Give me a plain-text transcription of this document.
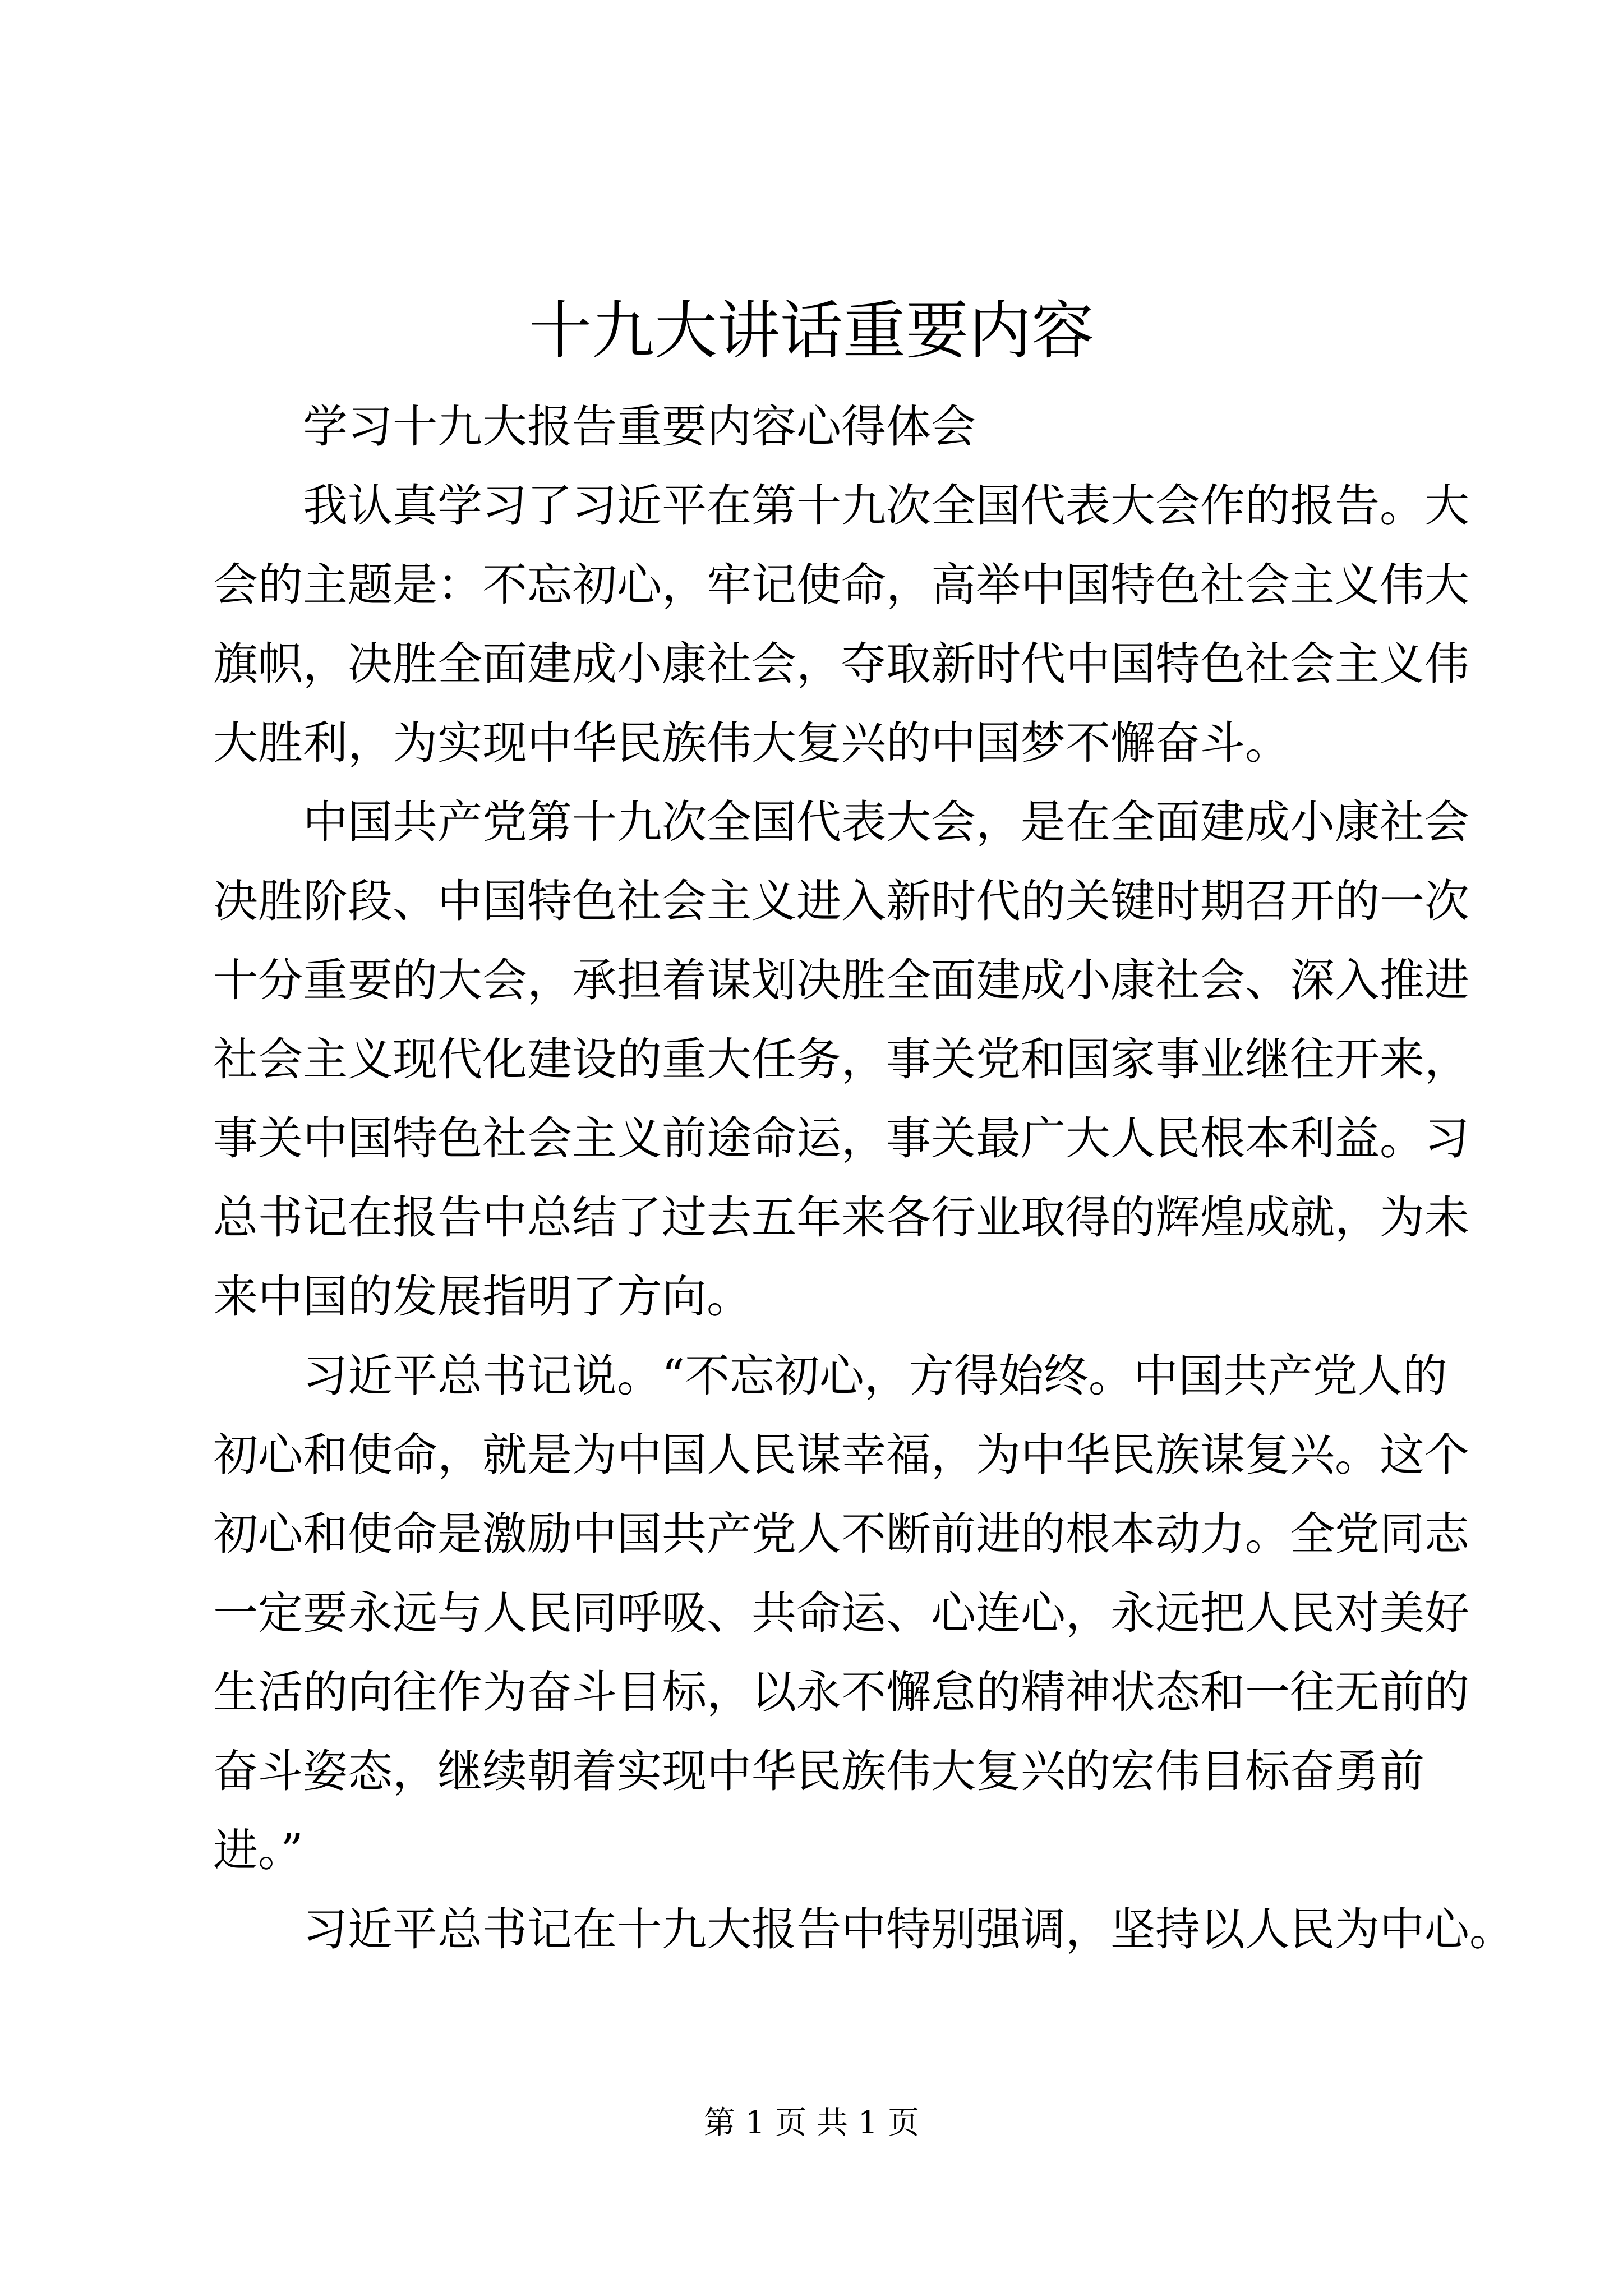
十九大讲话重要内容

学习十九大报告重要内容心得体会

我认真学习了习近平在第十九次全国代表大会作的报告。大
会的主题是：不忘初心，牢记使命，高举中国特色社会主义伟大
旗帜，决胜全面建成小康社会，夺取新时代中国特色社会主义伟
大胜利，为实现中华民族伟大复兴的中国梦不懈奋斗。

中国共产党第十九次全国代表大会，是在全面建成小康社会
决胜阶段、中国特色社会主义进入新时代的关键时期召开的一次
十分重要的大会，承担着谋划决胜全面建成小康社会、深入推进
社会主义现代化建设的重大任务，事关党和国家事业继往开来，
事关中国特色社会主义前途命运，事关最广大人民根本利益。习
总书记在报告中总结了过去五年来各行业取得的辉煌成就，为未
来中国的发展指明了方向。

习近平总书记说。“不忘初心，方得始终。中国共产党人的
初心和使命，就是为中国人民谋幸福，为中华民族谋复兴。这个
初心和使命是激励中国共产党人不断前进的根本动力。全党同志
一定要永远与人民同呼吸、共命运、心连心，永远把人民对美好
生活的向往作为奋斗目标，以永不懈怠的精神状态和一往无前的
奋斗姿态，继续朝着实现中华民族伟大复兴的宏伟目标奋勇前
进。”

习近平总书记在十九大报告中特别强调，坚持以人民为中心。

第 1 页 共 1 页
